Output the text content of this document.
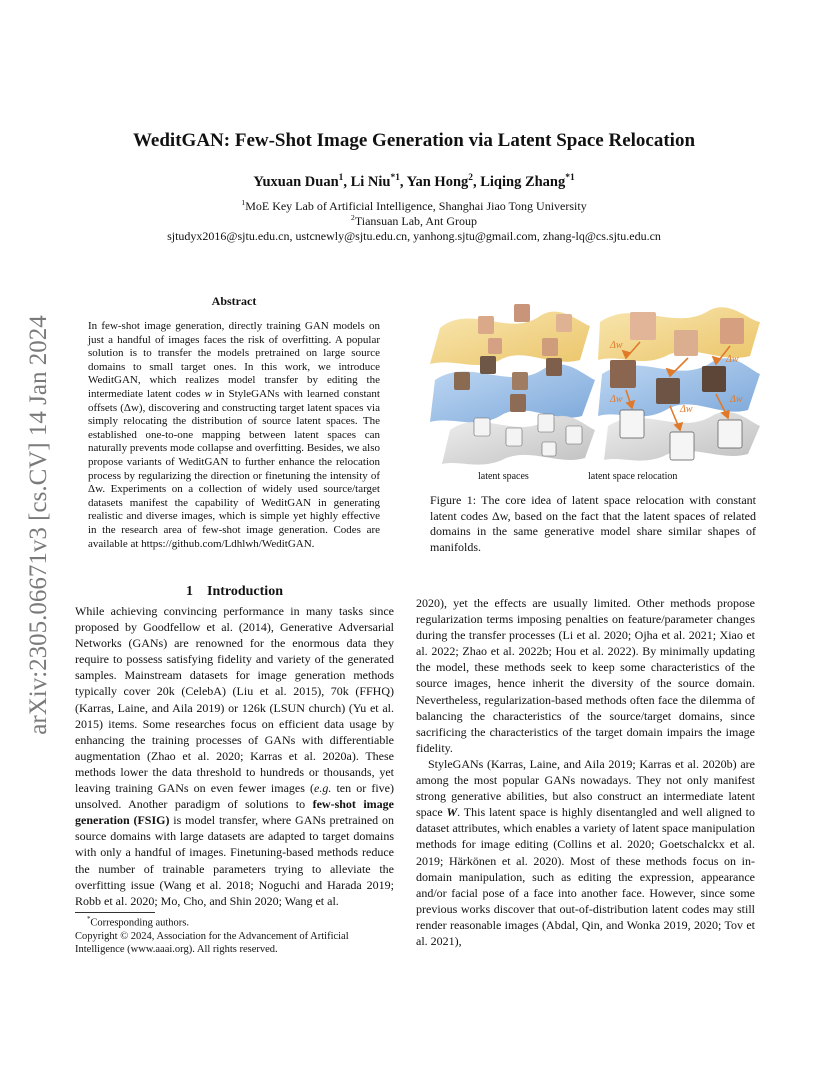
WeditGAN: Few-Shot Image Generation via Latent Space Relocation
Yuxuan Duan$^1$, Li Niu$^{*1}$, Yan Hong$^2$, Liqing Zhang$^{*1}$
$^1$MoE Key Lab of Artificial Intelligence, Shanghai Jiao Tong University
$^2$Tiansuan Lab, Ant Group
sjtudyx2016@sjtu.edu.cn, ustcnewly@sjtu.edu.cn, yanhong.sjtu@gmail.com, zhang-lq@cs.sjtu.edu.cn
arXiv:2305.06671v3 [cs.CV] 14 Jan 2024
Abstract
In few-shot image generation, directly training GAN models on just a handful of images faces the risk of overfitting. A popular solution is to transfer the models pretrained on large source domains to small target ones. In this work, we introduce WeditGAN, which realizes model transfer by editing the intermediate latent codes w in StyleGANs with learned constant offsets (Δw), discovering and constructing target latent spaces via simply relocating the distribution of source latent spaces. The established one-to-one mapping between latent spaces can naturally prevents mode collapse and overfitting. Besides, we also propose variants of WeditGAN to further enhance the relocation process by regularizing the direction or finetuning the intensity of Δw. Experiments on a collection of widely used source/target datasets manifest the capability of WeditGAN in generating realistic and diverse images, which is simple yet highly effective in the research area of few-shot image generation. Codes are available at https://github.com/Ldhlwh/WeditGAN.
Δw
Δw
Δw	Δw
Δw
latent spaces	latent space relocation
Figure 1: The core idea of latent space relocation with constant latent codes Δw, based on the fact that the latent spaces of related domains in the same generative model share similar shapes of manifolds.
1 Introduction
While achieving convincing performance in many tasks since proposed by Goodfellow et al. (2014), Generative Adversarial Networks (GANs) are renowned for the enormous data they require to possess satisfying fidelity and variety of the generated samples. Mainstream datasets for image generation methods typically cover 20k (CelebA) (Liu et al. 2015), 70k (FFHQ) (Karras, Laine, and Aila 2019) or 126k (LSUN church) (Yu et al. 2015) items. Some researches focus on efficient data usage by enhancing the training processes of GANs with differentiable augmentation (Zhao et al. 2020; Karras et al. 2020a). These methods lower the data threshold to hundreds or thousands, yet leaving training GANs on even fewer images (e.g. ten or five) unsolved. Another paradigm of solutions to few-shot image generation (FSIG) is model transfer, where GANs pretrained on source domains with large datasets are adapted to target domains with only a handful of images. Finetuning-based methods reduce the number of trainable parameters trying to alleviate the overfitting issue (Wang et al. 2018; Noguchi and Harada 2019; Robb et al. 2020; Mo, Cho, and Shin 2020; Wang et al.

2020), yet the effects are usually limited. Other methods propose regularization terms imposing penalties on feature/parameter changes during the transfer processes (Li et al. 2020; Ojha et al. 2021; Xiao et al. 2022; Zhao et al. 2022b; Hou et al. 2022). By minimally updating the model, these methods seek to keep some characteristics of the source images, hence inherit the diversity of the source domain. Nevertheless, regularization-based methods often face the dilemma of balancing the characteristics of the source/target domains, since sacrificing the characteristics of the target domain impairs the image fidelity.

StyleGANs (Karras, Laine, and Aila 2019; Karras et al. 2020b) are among the most popular GANs nowadays. They not only manifest strong generative abilities, but also construct an intermediate latent space W. This latent space is highly disentangled and well aligned to dataset attributes, which enables a variety of latent space manipulation methods for image editing (Collins et al. 2020; Goetschalckx et al. 2019; Härkönen et al. 2020). Most of these methods focus on in-domain manipulation, such as editing the expression, appearance and/or facial pose of a face into another face. However, since some previous works discover that out-of-distribution latent codes may still render reasonable images (Abdal, Qin, and Wonka 2019, 2020; Tov et al. 2021),

*Corresponding authors.
Copyright © 2024, Association for the Advancement of Artificial Intelligence (www.aaai.org). All rights reserved.
